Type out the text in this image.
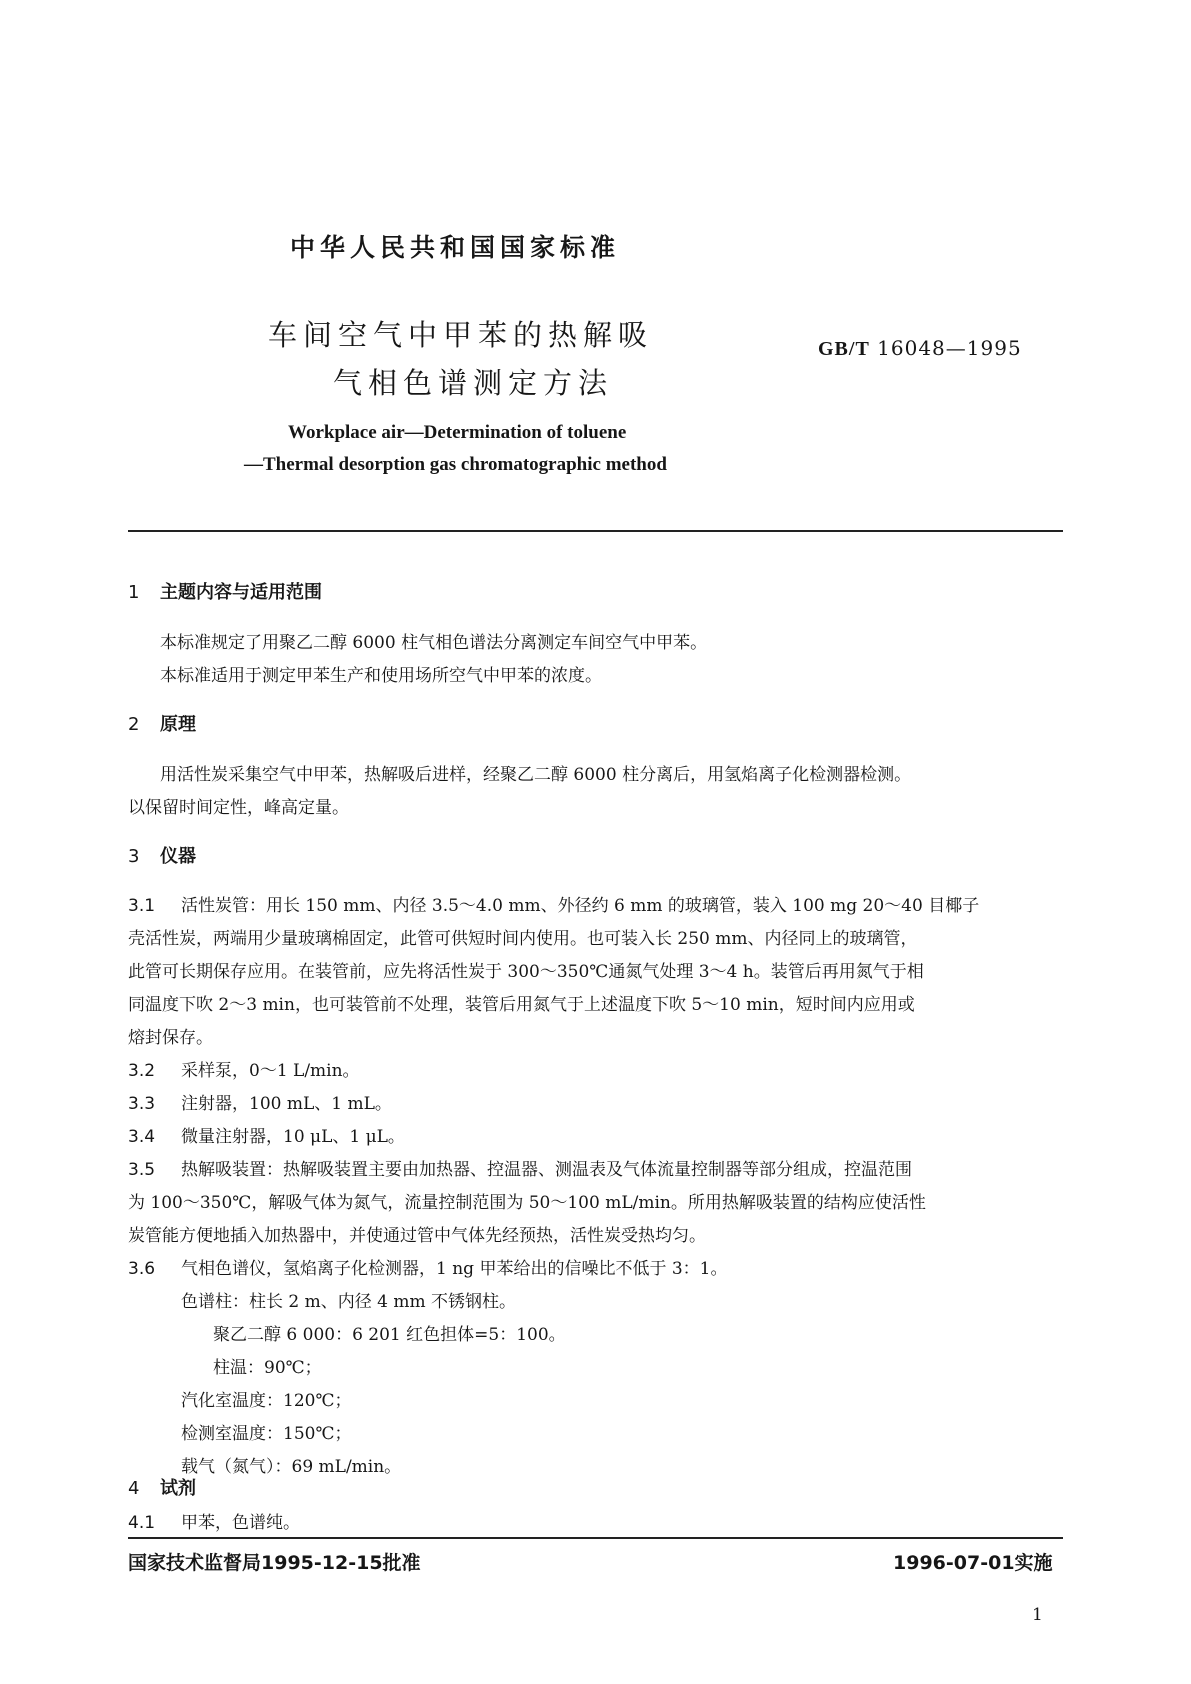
中华人民共和国国家标准
车间空气中甲苯的热解吸
气相色谱测定方法
GB/T 16048—1995
Workplace air—Determination of toluene
—Thermal desorption gas chromatographic method
1 主题内容与适用范围
本标准规定了用聚乙二醇 6000 柱气相色谱法分离测定车间空气中甲苯。
本标准适用于测定甲苯生产和使用场所空气中甲苯的浓度。
2 原理
用活性炭采集空气中甲苯，热解吸后进样，经聚乙二醇 6000 柱分离后，用氢焰离子化检测器检测。
以保留时间定性，峰高定量。
3 仪器
3.1 活性炭管：用长 150 mm、内径 3.5～4.0 mm、外径约 6 mm 的玻璃管，装入 100 mg 20～40 目椰子
壳活性炭，两端用少量玻璃棉固定，此管可供短时间内使用。也可装入长 250 mm、内径同上的玻璃管，
此管可长期保存应用。在装管前，应先将活性炭于 300～350℃通氮气处理 3～4 h。装管后再用氮气于相
同温度下吹 2～3 min，也可装管前不处理，装管后用氮气于上述温度下吹 5～10 min，短时间内应用或
熔封保存。
3.2 采样泵，0～1 L/min。
3.3 注射器，100 mL、1 mL。
3.4 微量注射器，10 μL、1 μL。
3.5 热解吸装置：热解吸装置主要由加热器、控温器、测温表及气体流量控制器等部分组成，控温范围
为 100～350℃，解吸气体为氮气，流量控制范围为 50～100 mL/min。所用热解吸装置的结构应使活性
炭管能方便地插入加热器中，并使通过管中气体先经预热，活性炭受热均匀。
3.6 气相色谱仪，氢焰离子化检测器，1 ng 甲苯给出的信噪比不低于 3：1。
色谱柱：柱长 2 m、内径 4 mm 不锈钢柱。
聚乙二醇 6 000：6 201 红色担体=5：100。
柱温：90℃；
汽化室温度：120℃；
检测室温度：150℃；
载气（氮气）：69 mL/min。
4 试剂
国家技术监督局1995-12-15批准	1996-07-01实施
1
4.1 甲苯，色谱纯。
